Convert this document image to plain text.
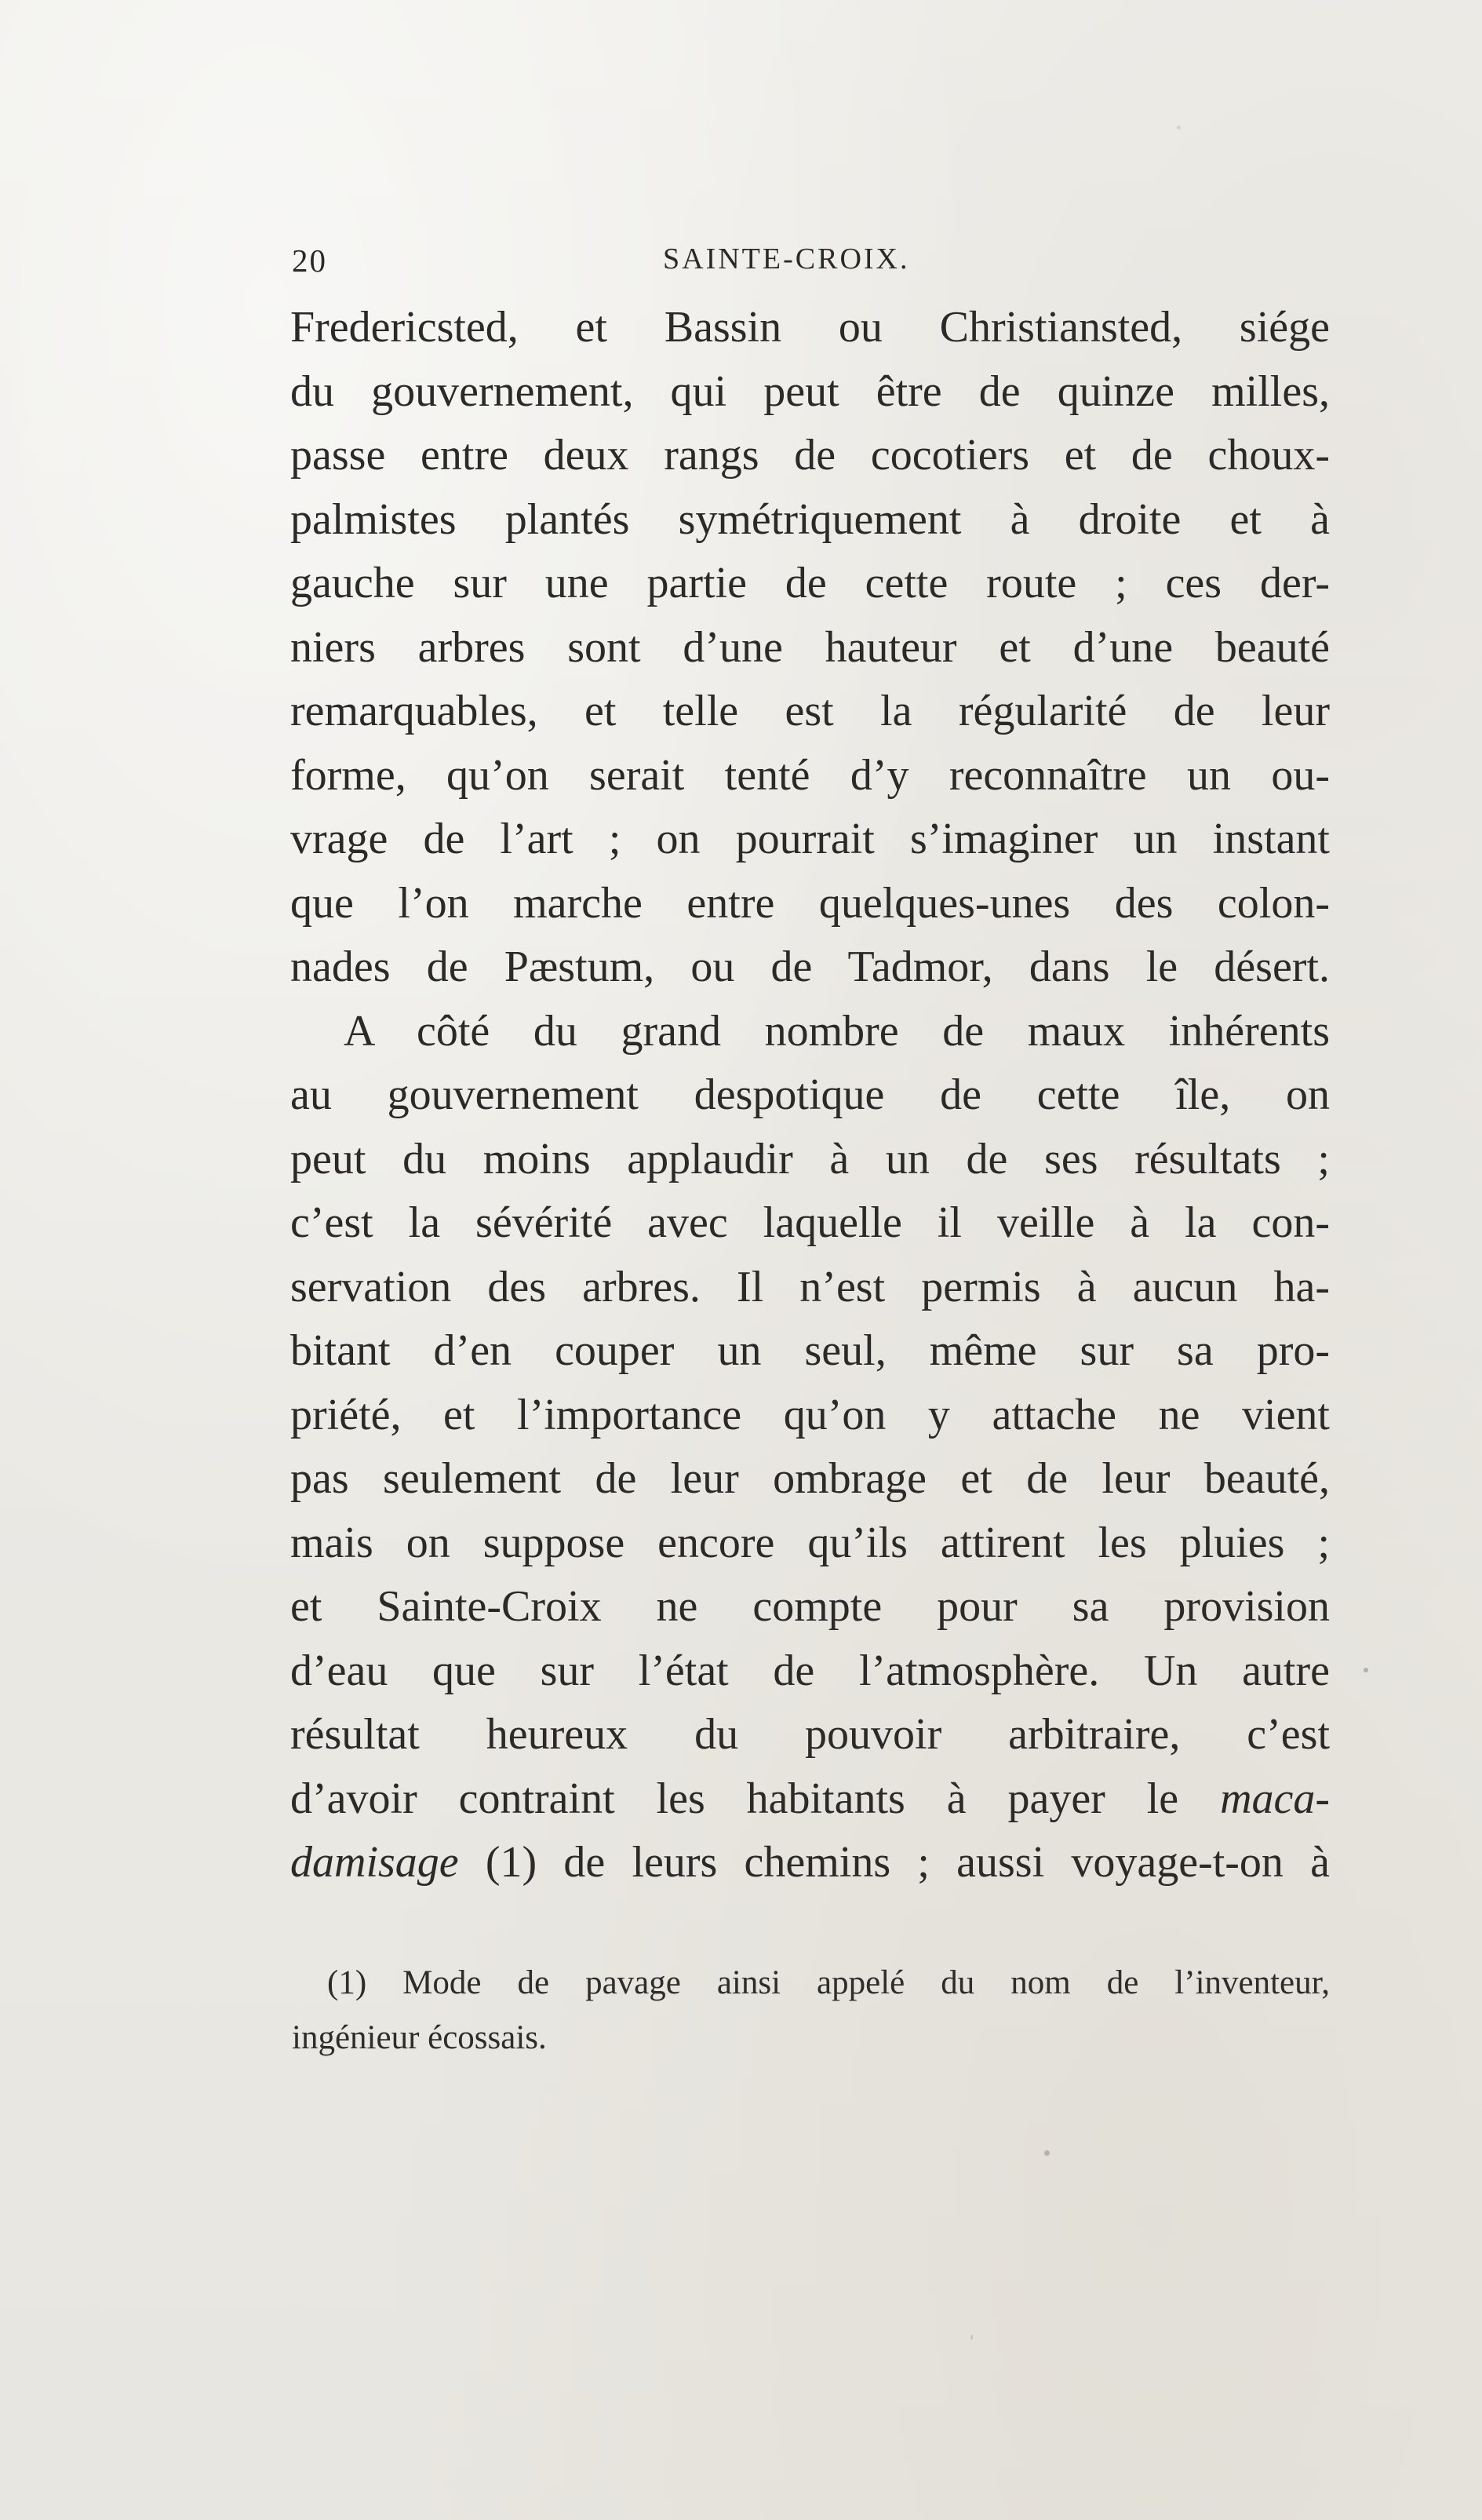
20	SAINTE-CROIX.
Fredericsted, et Bassin ou Christiansted, siége
du gouvernement, qui peut être de quinze milles,
passe entre deux rangs de cocotiers et de choux-
palmistes plantés symétriquement à droite et à
gauche sur une partie de cette route ; ces der-
niers arbres sont d’une hauteur et d’une beauté
remarquables, et telle est la régularité de leur
forme, qu’on serait tenté d’y reconnaître un ou-
vrage de l’art ; on pourrait s’imaginer un instant
que l’on marche entre quelques-unes des colon-
nades de Pæstum, ou de Tadmor, dans le désert.
A côté du grand nombre de maux inhérents
au gouvernement despotique de cette île, on
peut du moins applaudir à un de ses résultats ;
c’est la sévérité avec laquelle il veille à la con-
servation des arbres. Il n’est permis à aucun ha-
bitant d’en couper un seul, même sur sa pro-
priété, et l’importance qu’on y attache ne vient
pas seulement de leur ombrage et de leur beauté,
mais on suppose encore qu’ils attirent les pluies ;
et Sainte-Croix ne compte pour sa provision
d’eau que sur l’état de l’atmosphère. Un autre
résultat heureux du pouvoir arbitraire, c’est
d’avoir contraint les habitants à payer le maca-
damisage (1) de leurs chemins ; aussi voyage-t-on à
(1) Mode de pavage ainsi appelé du nom de l’inventeur,
ingénieur écossais.
